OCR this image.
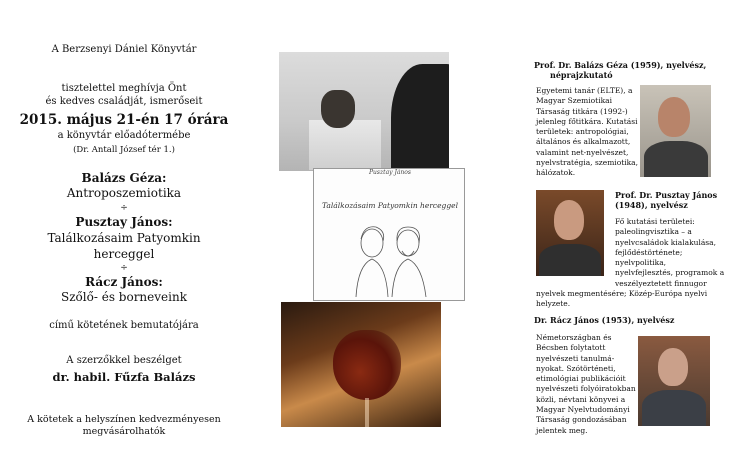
A Berzsenyi Dániel Könyvtár
tisztelettel meghívja Önt
és kedves családját, ismerőseit
2015. május 21-én 17 órára
a könyvtár előadótermébe
(Dr. Antall József tér 1.)
Balázs Géza:
Antroposzemiotika
÷
Pusztay János:
Találkozásaim Patyomkin
herceggel
÷
Rácz János:
Szőlő- és borneveink
című kötetének bemutatójára
A szerzőkkel beszélget
dr. habil. Fűzfa Balázs
A kötetek a helyszínen kedvezményesen
megvásárolhatók
Pusztay János
Találkozásaim Patyomkin herceggel
Prof. Dr. Balázs Géza (1959), nyelvész,
néprajzkutató
Egyetemi tanár (ELTE), a
Magyar Szemiotikai
Társaság titkára (1992-)
jelenleg főtitkára. Kutatási
területek: antropológiai,
általános és alkalmazott,
valamint net-nyelvészet,
nyelvstratégia, szemiotika,
hálózatok.
Prof. Dr. Pusztay János
(1948), nyelvész
Fő kutatási területei:
paleolingvisztika – a
nyelvcsaládok kialakulása,
fejlődéstörténete;
nyelvpolitika,
nyelvfejlesztés, programok a
veszélyeztetett finnugor
nyelvek megmentésére; Közép-Európa nyelvi
helyzete.
Dr. Rácz János (1953), nyelvész
Németországban és
Bécsben folytatott
nyelvészeti tanulmá-
nyokat. Szótörténeti,
etimológiai publikációit
nyelvészeti folyóiratokban
közli, névtani könyvei a
Magyar Nyelvtudományi
Társaság gondozásában
jelentek meg.
